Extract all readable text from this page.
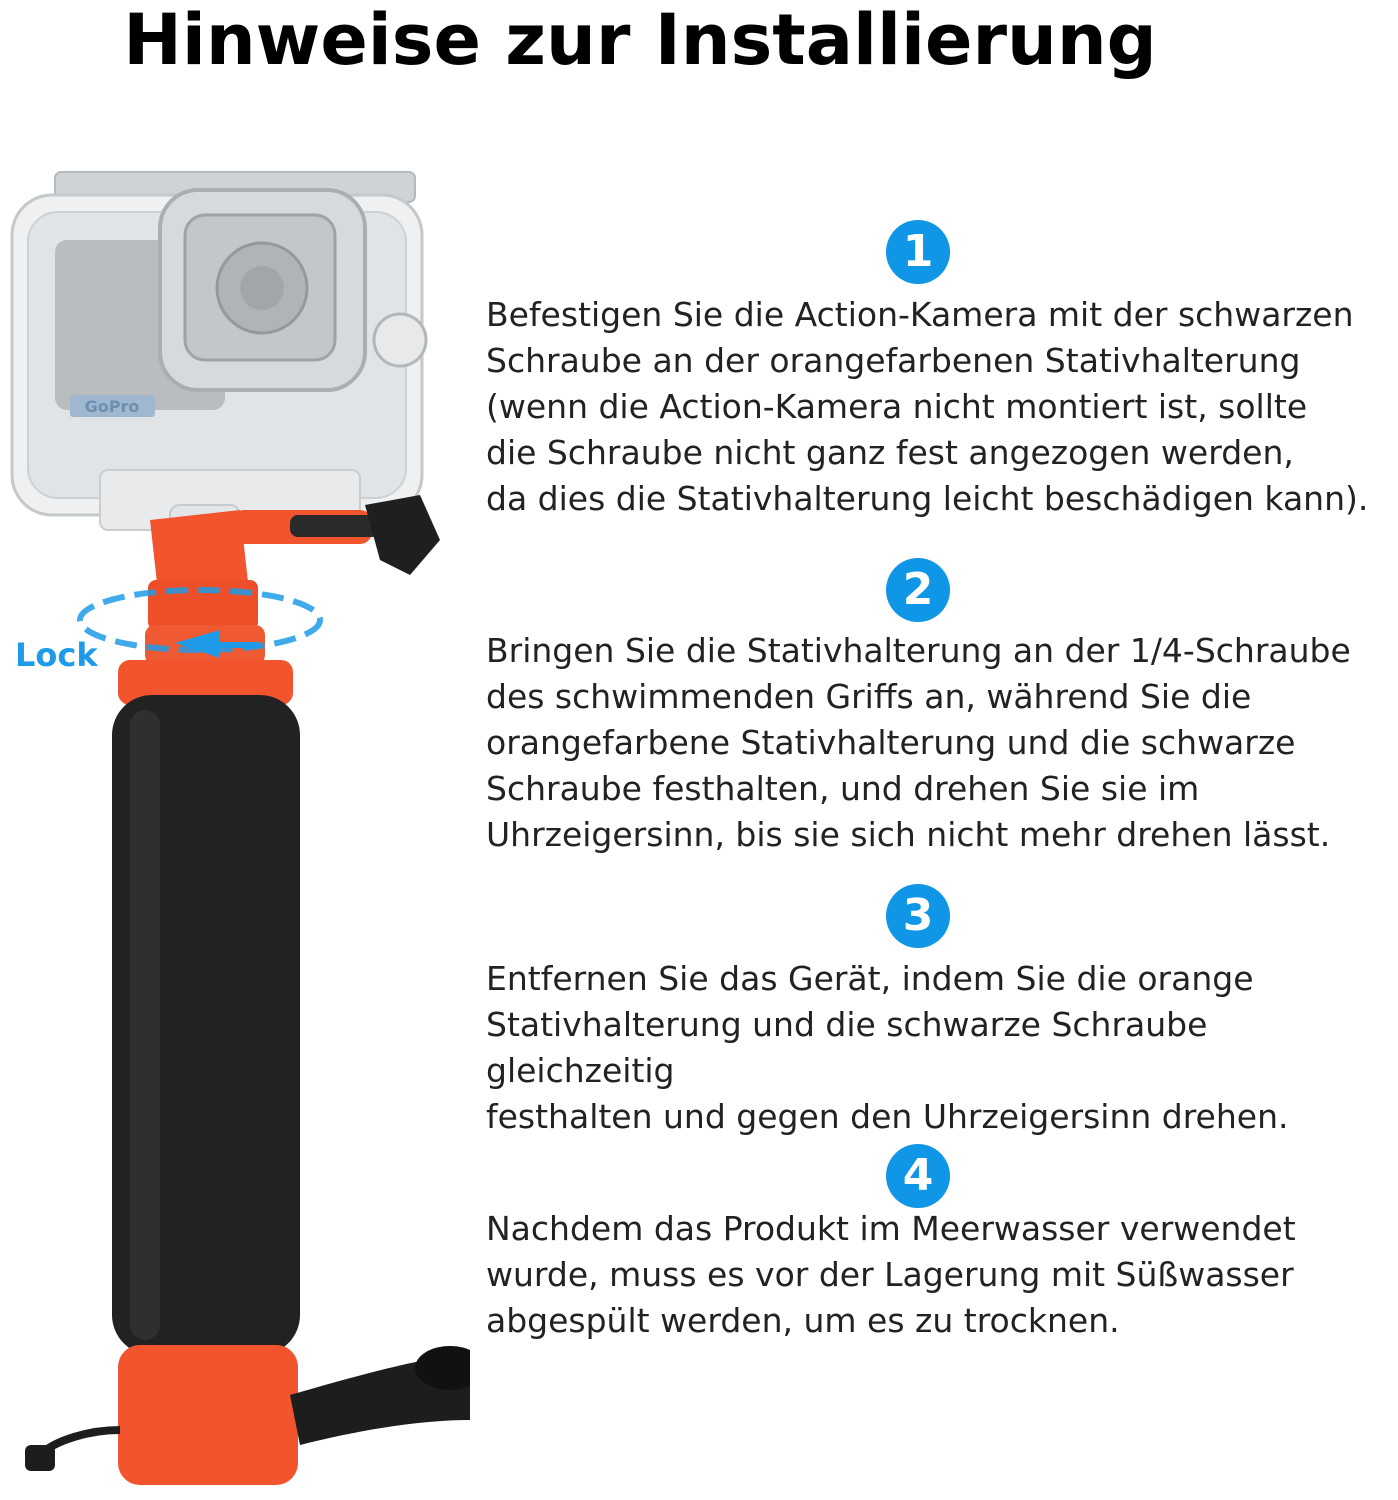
Hinweise zur Installierung
GoPro
Lock
1
Befestigen Sie die Action-Kamera mit der schwarzen
Schraube an der orangefarbenen Stativhalterung
(wenn die Action-Kamera nicht montiert ist, sollte
die Schraube nicht ganz fest angezogen werden,
da dies die Stativhalterung leicht beschädigen kann).
2
Bringen Sie die Stativhalterung an der 1/4-Schraube
des schwimmenden Griffs an, während Sie die
orangefarbene Stativhalterung und die schwarze
Schraube festhalten, und drehen Sie sie im
Uhrzeigersinn, bis sie sich nicht mehr drehen lässt.
3
Entfernen Sie das Gerät, indem Sie die orange
Stativhalterung und die schwarze Schraube gleichzeitig
festhalten und gegen den Uhrzeigersinn drehen.
4
Nachdem das Produkt im Meerwasser verwendet
wurde, muss es vor der Lagerung mit Süßwasser
abgespült werden, um es zu trocknen.
